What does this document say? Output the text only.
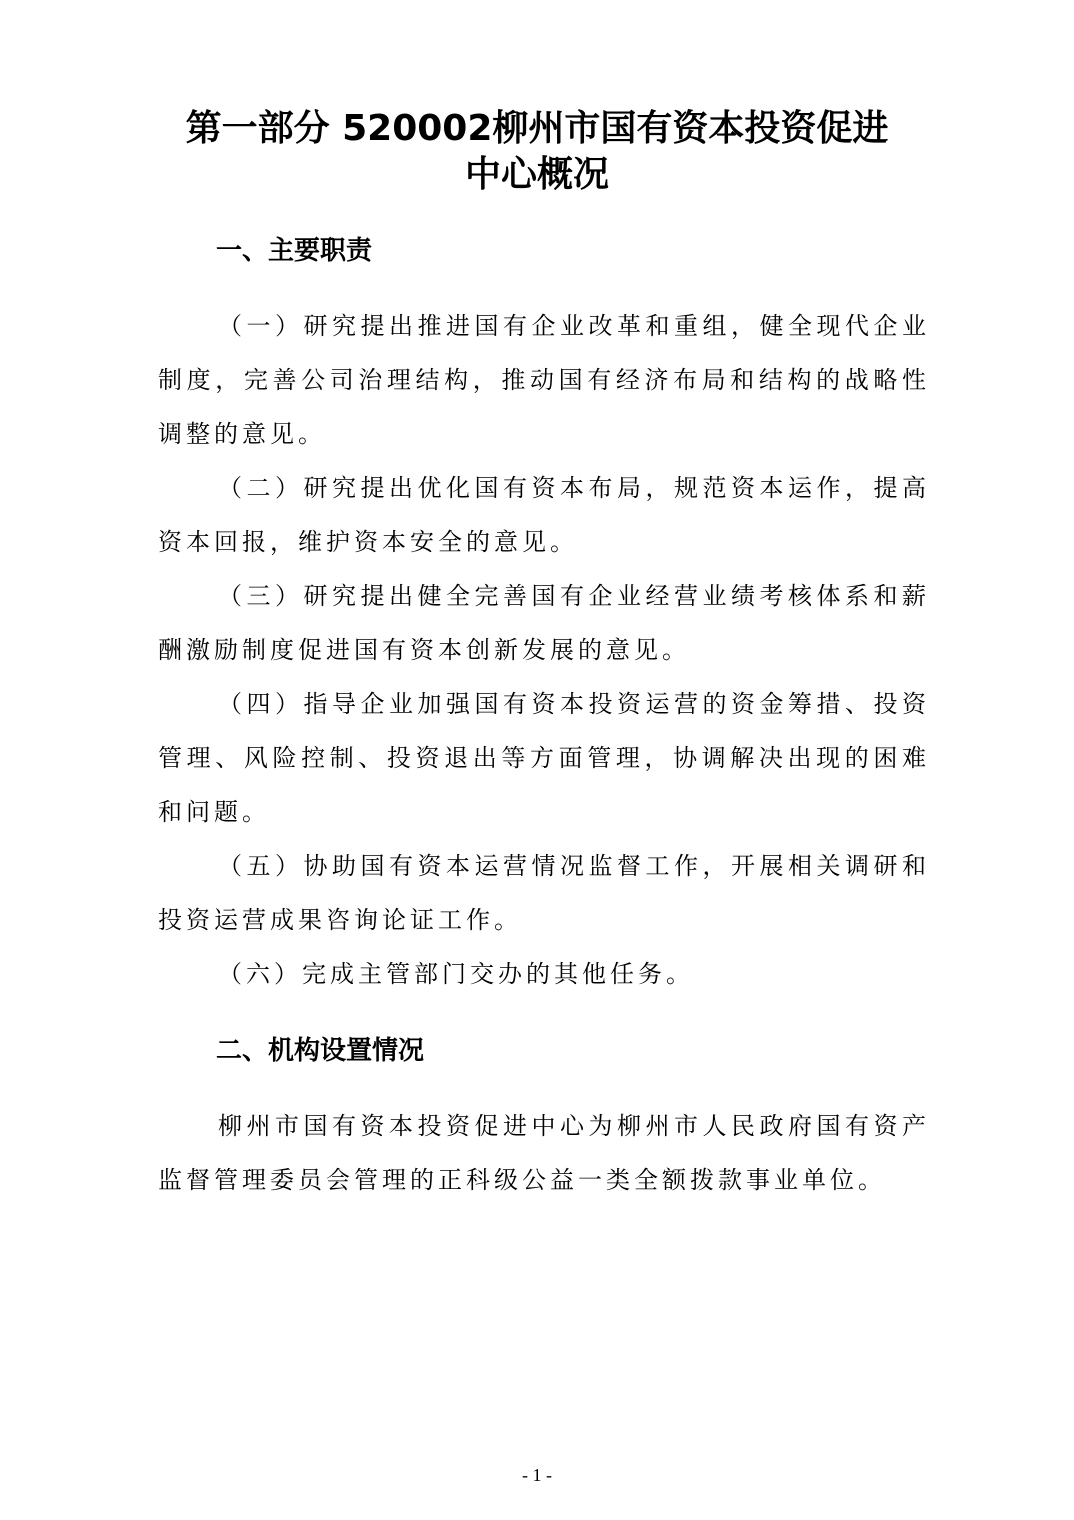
第一部分 520002柳州市国有资本投资促进
中心概况
一、主要职责

（一）研究提出推进国有企业改革和重组，健全现代企业制度，完善公司治理结构，推动国有经济布局和结构的战略性调整的意见。

（二）研究提出优化国有资本布局，规范资本运作，提高资本回报，维护资本安全的意见。

（三）研究提出健全完善国有企业经营业绩考核体系和薪酬激励制度促进国有资本创新发展的意见。

（四）指导企业加强国有资本投资运营的资金筹措、投资管理、风险控制、投资退出等方面管理，协调解决出现的困难和问题。

（五）协助国有资本运营情况监督工作，开展相关调研和投资运营成果咨询论证工作。

（六）完成主管部门交办的其他任务。

二、机构设置情况

柳州市国有资本投资促进中心为柳州市人民政府国有资产监督管理委员会管理的正科级公益一类全额拨款事业单位。

- 1 -
